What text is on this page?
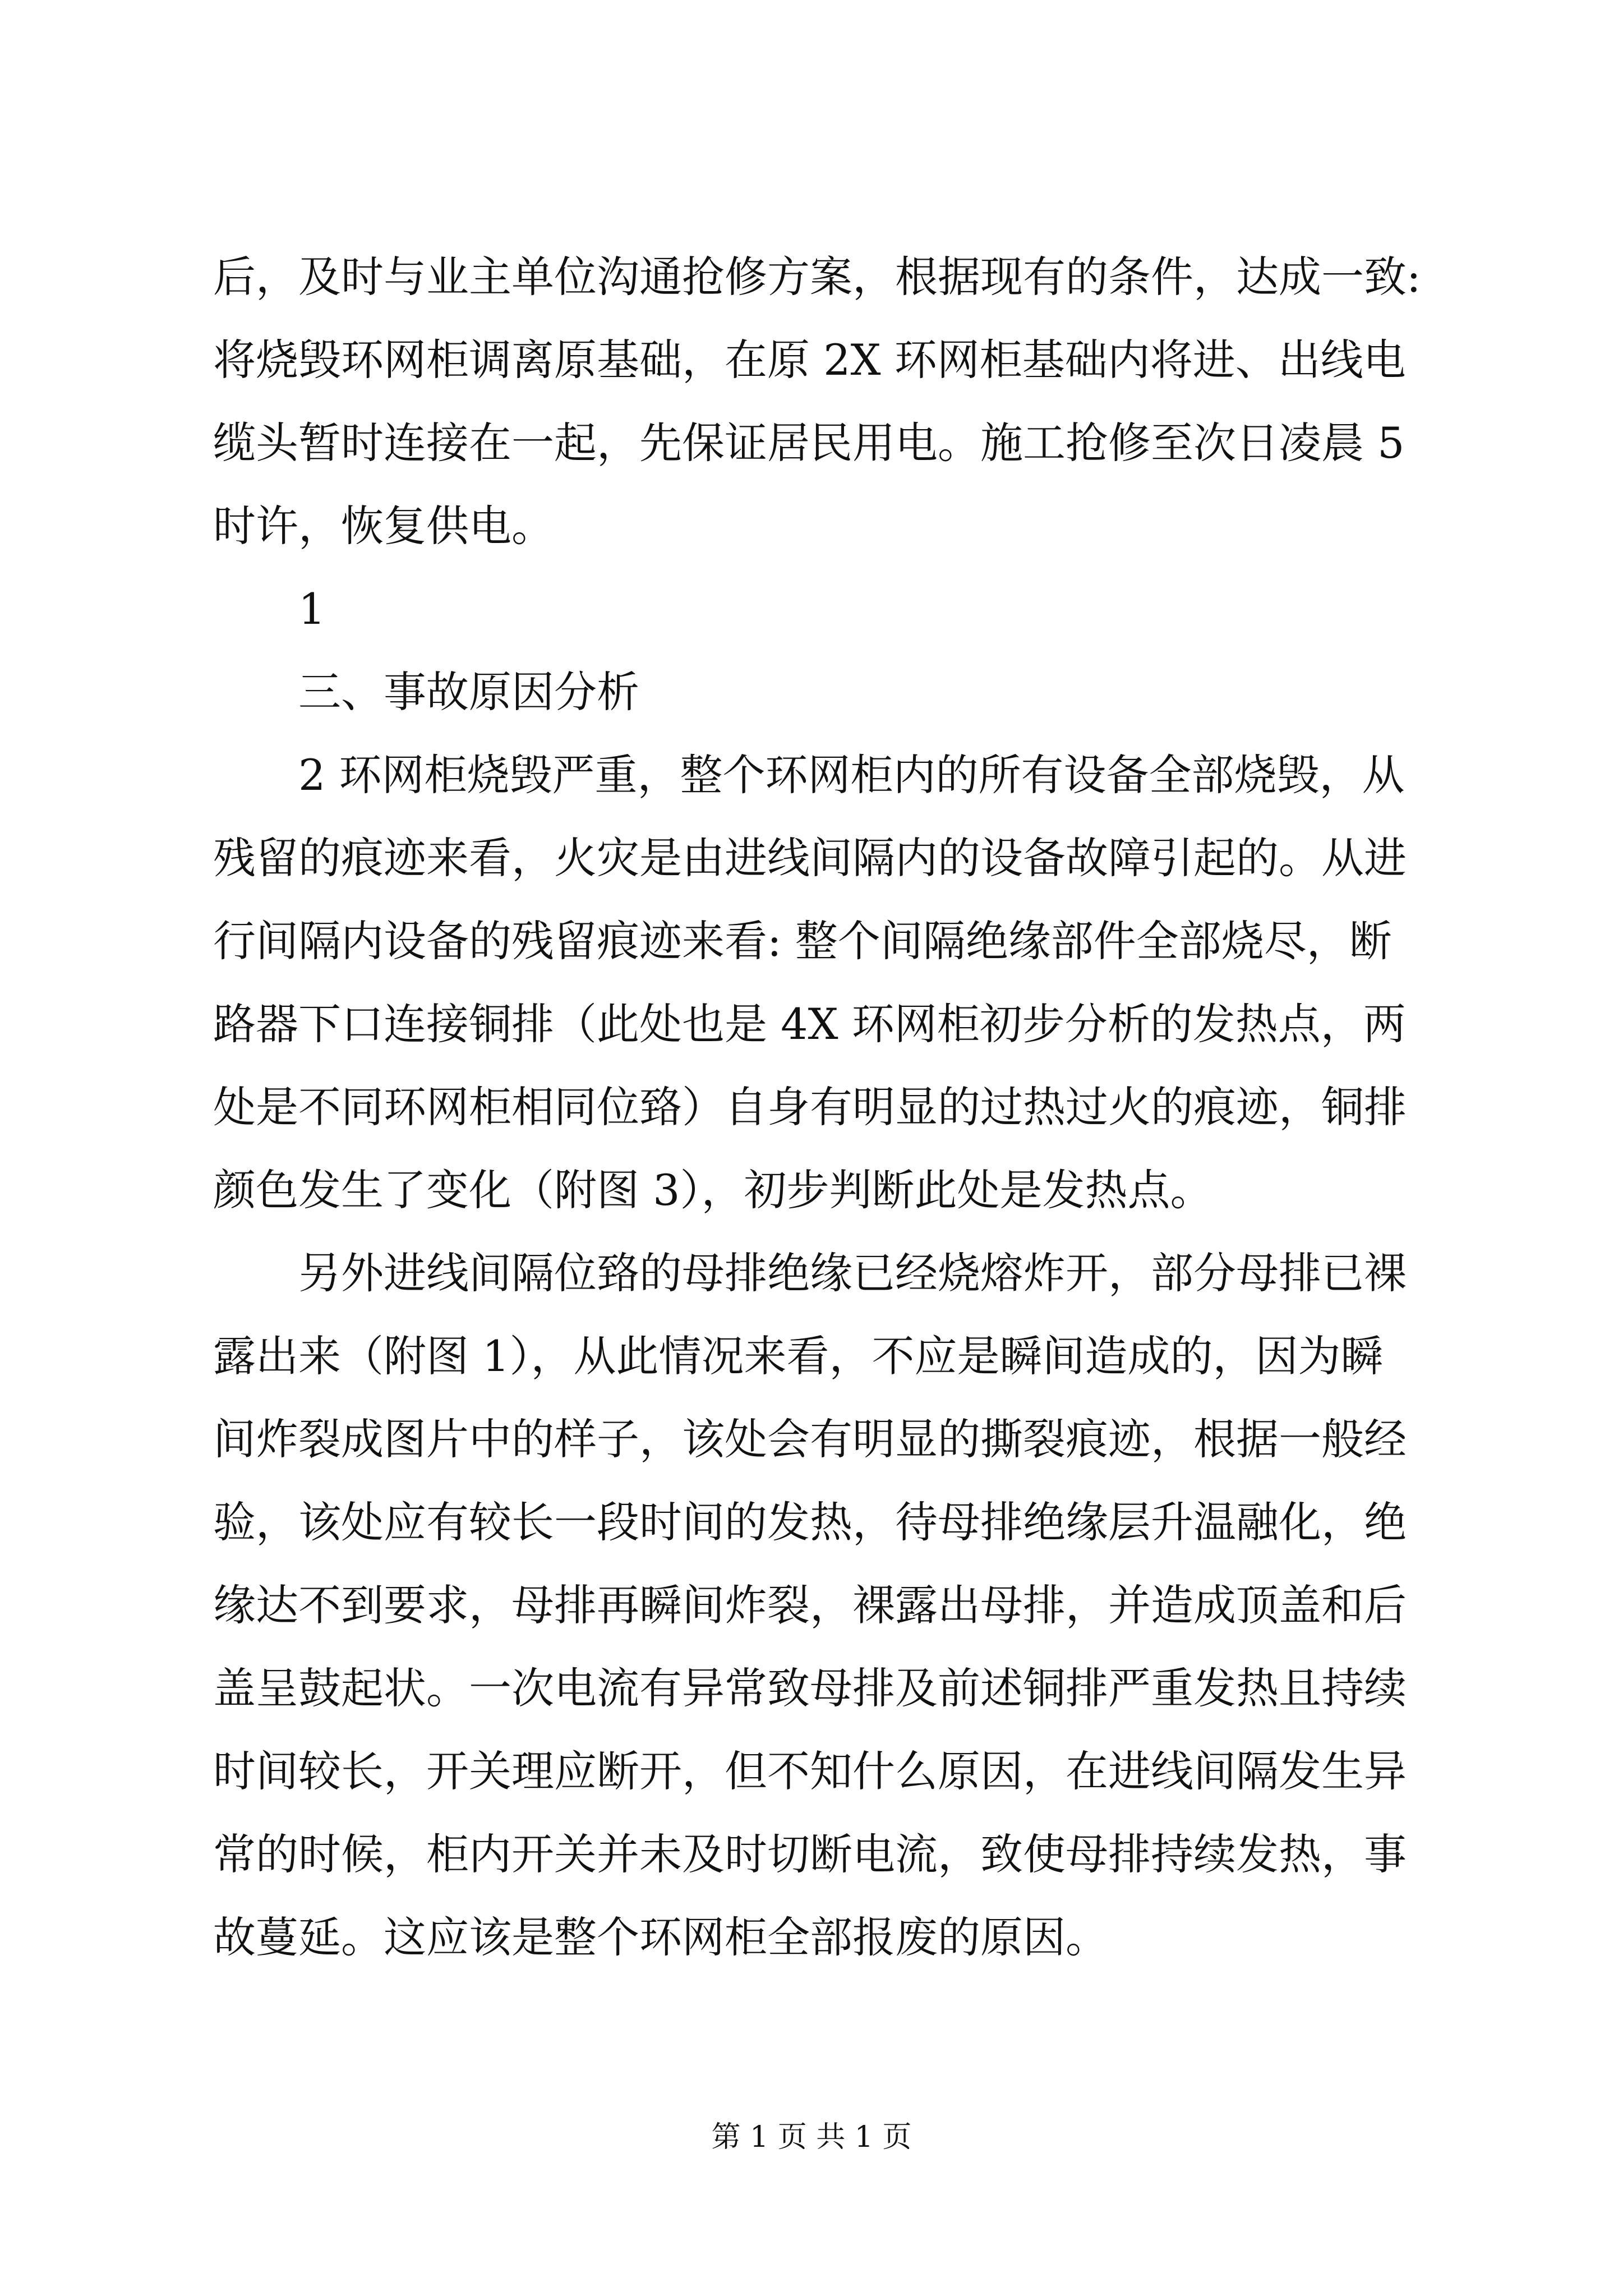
后，及时与业主单位沟通抢修方案，根据现有的条件，达成一致:
将烧毁环网柜调离原基础，在原 2X 环网柜基础内将进、出线电
缆头暂时连接在一起，先保证居民用电。施工抢修至次日凌晨 5
时许，恢复供电。
1
三、事故原因分析
2 环网柜烧毁严重，整个环网柜内的所有设备全部烧毁，从
残留的痕迹来看，火灾是由进线间隔内的设备故障引起的。从进
行间隔内设备的残留痕迹来看: 整个间隔绝缘部件全部烧尽，断
路器下口连接铜排（此处也是 4X 环网柜初步分析的发热点，两
处是不同环网柜相同位臵）自身有明显的过热过火的痕迹，铜排
颜色发生了变化（附图 3），初步判断此处是发热点。
另外进线间隔位臵的母排绝缘已经烧熔炸开，部分母排已裸
露出来（附图 1），从此情况来看，不应是瞬间造成的，因为瞬
间炸裂成图片中的样子，该处会有明显的撕裂痕迹，根据一般经
验，该处应有较长一段时间的发热，待母排绝缘层升温融化，绝
缘达不到要求，母排再瞬间炸裂，裸露出母排，并造成顶盖和后
盖呈鼓起状。一次电流有异常致母排及前述铜排严重发热且持续
时间较长，开关理应断开，但不知什么原因，在进线间隔发生异
常的时候，柜内开关并未及时切断电流，致使母排持续发热，事
故蔓延。这应该是整个环网柜全部报废的原因。
第 1 页 共 1 页
